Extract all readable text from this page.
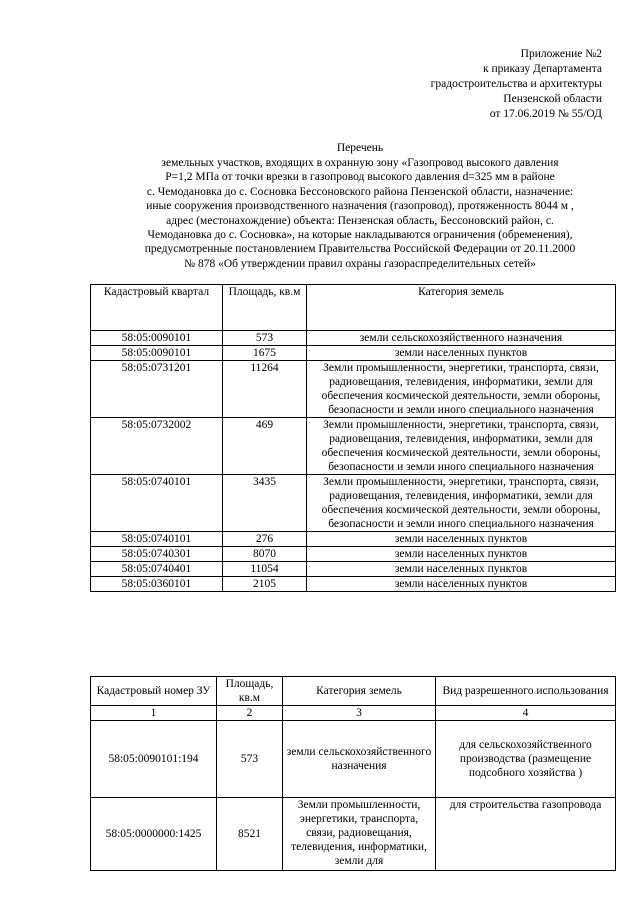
Приложение №2
к приказу Департамента
градостроительства и архитектуры
Пензенской области
от 17.06.2019 № 55/ОД
Перечень
земельных участков, входящих в охранную зону «Газопровод высокого давления
P=1,2 МПа от точки врезки в газопровод высокого давления d=325 мм в районе
с. Чемодановка до с. Сосновка Бессоновского района Пензенской области, назначение:
иные сооружения производственного назначения (газопровод), протяженность 8044 м ,
адрес (местонахождение) объекта: Пензенская область, Бессоновский район, с.
Чемодановка до с. Сосновка», на которые накладываются ограничения (обременения),
предусмотренные постановлением Правительства Российской Федерации от 20.11.2000
№ 878 «Об утверждении правил охраны газораспределительных сетей»
Кадастровый квартал	Площадь, кв.м	Категория земель
58:05:0090101	573	земли сельскохозяйственного назначения
58:05:0090101	1675	земли населенных пунктов
58:05:0731201	11264	Земли промышленности, энергетики, транспорта, связи, радиовещания, телевидения, информатики, земли для обеспечения космической деятельности, земли обороны, безопасности и земли иного специального назначения
58:05:0732002	469	Земли промышленности, энергетики, транспорта, связи, радиовещания, телевидения, информатики, земли для обеспечения космической деятельности, земли обороны, безопасности и земли иного специального назначения
58:05:0740101	3435	Земли промышленности, энергетики, транспорта, связи, радиовещания, телевидения, информатики, земли для обеспечения космической деятельности, земли обороны, безопасности и земли иного специального назначения
58:05:0740101	276	земли населенных пунктов
58:05:0740301	8070	земли населенных пунктов
58:05:0740401	11054	земли населенных пунктов
58:05:0360101	2105	земли населенных пунктов
Кадастровый номер ЗУ	Площадь, кв.м	Категория земель	Вид разрешенного использования
1	2	3	4
58:05:0090101:194	573	земли сельскохозяйственного назначения	для сельскохозяйственного производства (размещение подсобного хозяйства )
58:05:0000000:1425	8521	Земли промышленности, энергетики, транспорта, связи, радиовещания, телевидения, информатики, земли для	для строительства газопровода
